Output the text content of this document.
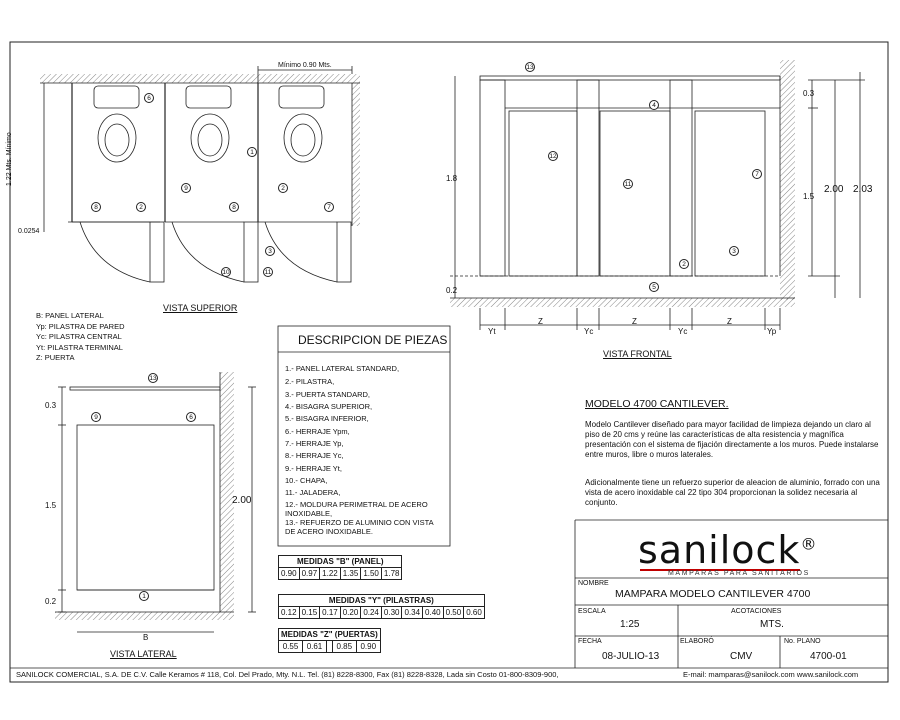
VISTA SUPERIOR
Mínimo 0.90 Mts.
1.22 Mts. Mínimo
0.0254
VISTA FRONTAL
1.8
0.2
0.3
1.5
2.00 2.03
Yt
Z
Yc
Z
Yc
Z
Yp
VISTA LATERAL
0.3
1.5
0.2
2.00
B
6
1
9
8	2
2
8	7
3
10	11
13
4
12
11
7
3
2
5
13
9	6
1
B: PANEL LATERAL
Yp: PILASTRA DE PARED
Yc: PILASTRA CENTRAL
Yt: PILASTRA TERMINAL
Z: PUERTA
DESCRIPCION DE PIEZAS
1.- PANEL LATERAL STANDARD,
2.- PILASTRA,
3.- PUERTA STANDARD,
4.- BISAGRA SUPERIOR,
5.- BISAGRA INFERIOR,
6.- HERRAJE Ypm,
7.- HERRAJE Yp,
8.- HERRAJE Yc,
9.- HERRAJE Yt,
10.- CHAPA,
11.- JALADERA,
12.- MOLDURA PERIMETRAL DE ACERO INOXIDABLE,
13.- REFUERZO DE ALUMINIO CON VISTA DE ACERO INOXIDABLE.
MEDIDAS "B" (PANEL)
0.90	0.97	1.22	1.35	1.50	1.78
MEDIDAS "Y" (PILASTRAS)
0.12	0.15	0.17	0.20	0.24	0.30	0.34	0.40	0.50	0.60
MEDIDAS "Z" (PUERTAS)
0.55	0.61		0.85	0.90
MODELO 4700 CANTILEVER.
Modelo Cantilever diseñado para mayor facilidad de limpieza dejando un claro al piso de 20 cms y reúne las características de alta resistencia y magnífica presentación con el sistema de fijación directamente a los muros. Puede instalarse entre muros, libre o muros laterales.
Adicionalmente tiene un refuerzo superior de aleacion de aluminio, forrado con una vista de acero inoxidable cal 22 tipo 304 proporcionan la solidez necesaria al conjunto.
sanilock®
MAMPARAS PARA SANITARIOS
NOMBRE
MAMPARA MODELO CANTILEVER 4700
ESCALA
1:25
ACOTACIONES
MTS.
FECHA
08-JULIO-13
ELABORÓ
CMV
No. PLANO
4700-01
SANILOCK COMERCIAL, S.A. DE C.V. Calle Keramos # 118, Col. Del Prado, Mty. N.L. Tel. (81) 8228-8300, Fax (81) 8228-8328, Lada sin Costo 01-800-8309-900,	E-mail: mamparas@sanilock.com www.sanilock.com
